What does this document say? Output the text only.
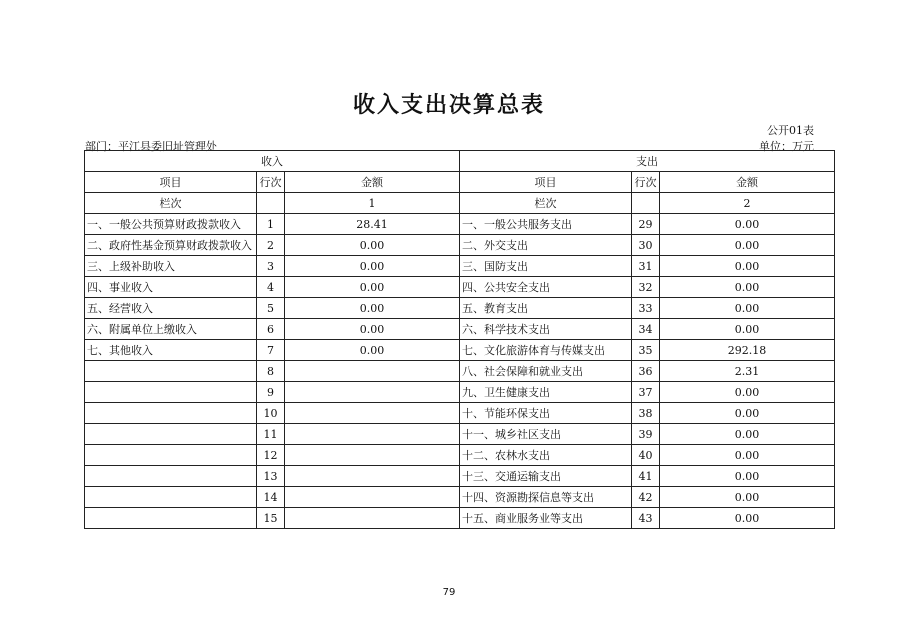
收入支出决算总表
公开01表
部门：平江县委旧址管理处	单位：万元
收入			支出		
项目	行次	金额	项目	行次	金额
栏次		1	栏次		2
一、一般公共预算财政拨款收入	1	28.41	一、一般公共服务支出	29	0.00
二、政府性基金预算财政拨款收入	2	0.00	二、外交支出	30	0.00
三、上级补助收入	3	0.00	三、国防支出	31	0.00
四、事业收入	4	0.00	四、公共安全支出	32	0.00
五、经营收入	5	0.00	五、教育支出	33	0.00
六、附属单位上缴收入	6	0.00	六、科学技术支出	34	0.00
七、其他收入	7	0.00	七、文化旅游体育与传媒支出	35	292.18
	8		八、社会保障和就业支出	36	2.31
	9		九、卫生健康支出	37	0.00
	10		十、节能环保支出	38	0.00
	11		十一、城乡社区支出	39	0.00
	12		十二、农林水支出	40	0.00
	13		十三、交通运输支出	41	0.00
	14		十四、资源勘探信息等支出	42	0.00
	15		十五、商业服务业等支出	43	0.00
79
